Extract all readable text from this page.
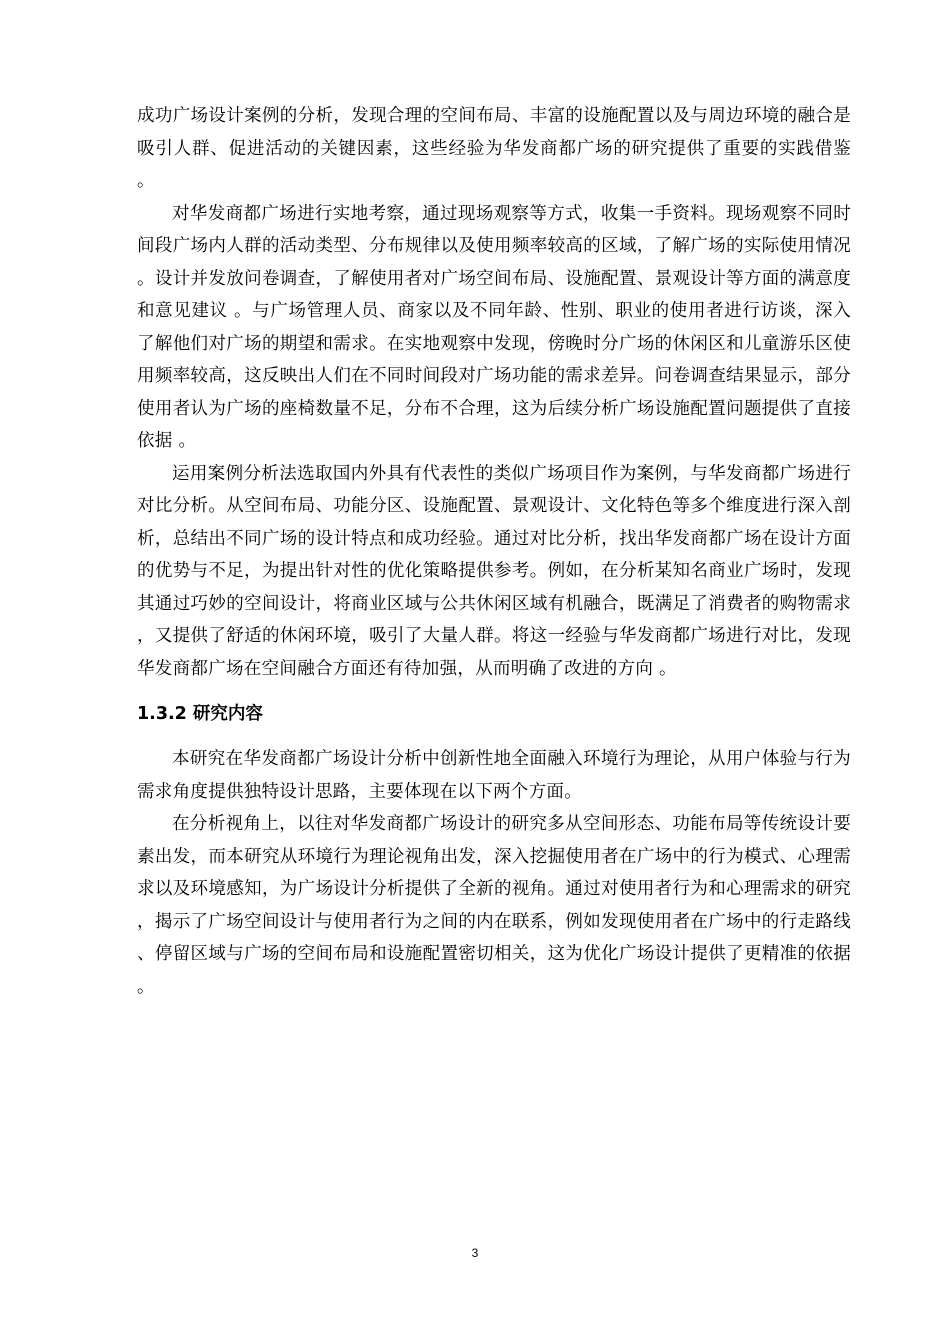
成功广场设计案例的分析，发现合理的空间布局、丰富的设施配置以及与周边环境的融合是吸引人群、促进活动的关键因素，这些经验为华发商都广场的研究提供了重要的实践借鉴 。

对华发商都广场进行实地考察，通过现场观察等方式，收集一手资料。现场观察不同时间段广场内人群的活动类型、分布规律以及使用频率较高的区域，了解广场的实际使用情况。设计并发放问卷调查，了解使用者对广场空间布局、设施配置、景观设计等方面的满意度和意见建议 。与广场管理人员、商家以及不同年龄、性别、职业的使用者进行访谈，深入了解他们对广场的期望和需求。在实地观察中发现，傍晚时分广场的休闲区和儿童游乐区使用频率较高，这反映出人们在不同时间段对广场功能的需求差异。问卷调查结果显示，部分使用者认为广场的座椅数量不足，分布不合理，这为后续分析广场设施配置问题提供了直接依据 。

运用案例分析法选取国内外具有代表性的类似广场项目作为案例，与华发商都广场进行对比分析。从空间布局、功能分区、设施配置、景观设计、文化特色等多个维度进行深入剖析，总结出不同广场的设计特点和成功经验。通过对比分析，找出华发商都广场在设计方面的优势与不足，为提出针对性的优化策略提供参考。例如，在分析某知名商业广场时，发现其通过巧妙的空间设计，将商业区域与公共休闲区域有机融合，既满足了消费者的购物需求，又提供了舒适的休闲环境，吸引了大量人群。将这一经验与华发商都广场进行对比，发现华发商都广场在空间融合方面还有待加强，从而明确了改进的方向 。

1.3.2 研究内容

本研究在华发商都广场设计分析中创新性地全面融入环境行为理论，从用户体验与行为需求角度提供独特设计思路，主要体现在以下两个方面。

在分析视角上，以往对华发商都广场设计的研究多从空间形态、功能布局等传统设计要素出发，而本研究从环境行为理论视角出发，深入挖掘使用者在广场中的行为模式、心理需求以及环境感知，为广场设计分析提供了全新的视角。通过对使用者行为和心理需求的研究，揭示了广场空间设计与使用者行为之间的内在联系，例如发现使用者在广场中的行走路线、停留区域与广场的空间布局和设施配置密切相关，这为优化广场设计提供了更精准的依据 。

3
